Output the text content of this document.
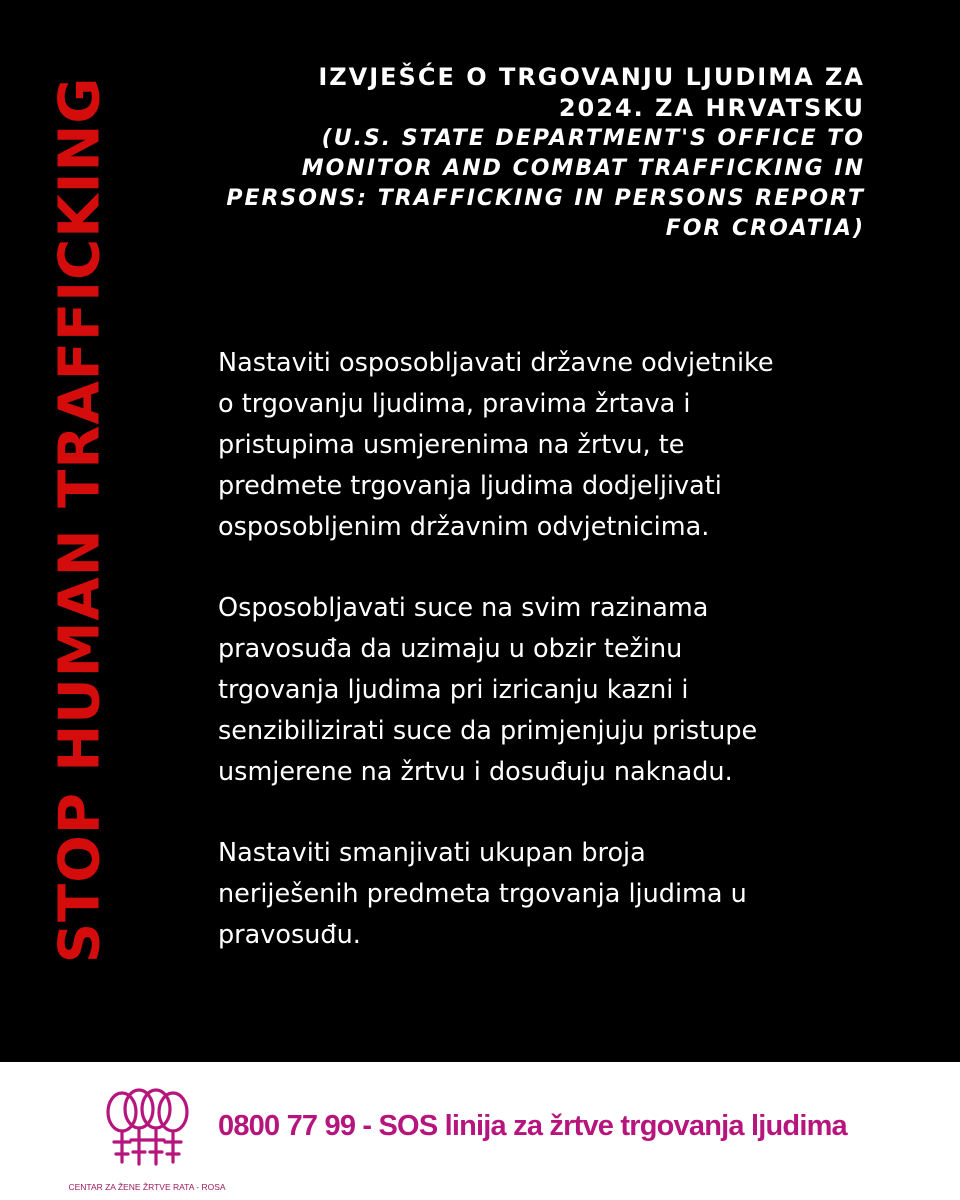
STOP HUMAN TRAFFICKING	IZVJEŠĆE O TRGOVANJU LJUDIMA ZA
2024. ZA HRVATSKU
(U.S. STATE DEPARTMENT'S OFFICE TO
MONITOR AND COMBAT TRAFFICKING IN
PERSONS: TRAFFICKING IN PERSONS REPORT
FOR CROATIA)

Nastaviti osposobljavati državne odvjetnike
o trgovanju ljudima, pravima žrtava i
pristupima usmjerenima na žrtvu, te
predmete trgovanja ljudima dodjeljivati
osposobljenim državnim odvjetnicima.

Osposobljavati suce na svim razinama
pravosuđa da uzimaju u obzir težinu
trgovanja ljudima pri izricanju kazni i
senzibilizirati suce da primjenjuju pristupe
usmjerene na žrtvu i dosuđuju naknadu.

Nastaviti smanjivati ukupan broja
neriješenih predmeta trgovanja ljudima u
pravosuđu.

CENTAR ZA ŽENE ŽRTVE RATA - ROSA
0800 77 99 - SOS linija za žrtve trgovanja ljudima
